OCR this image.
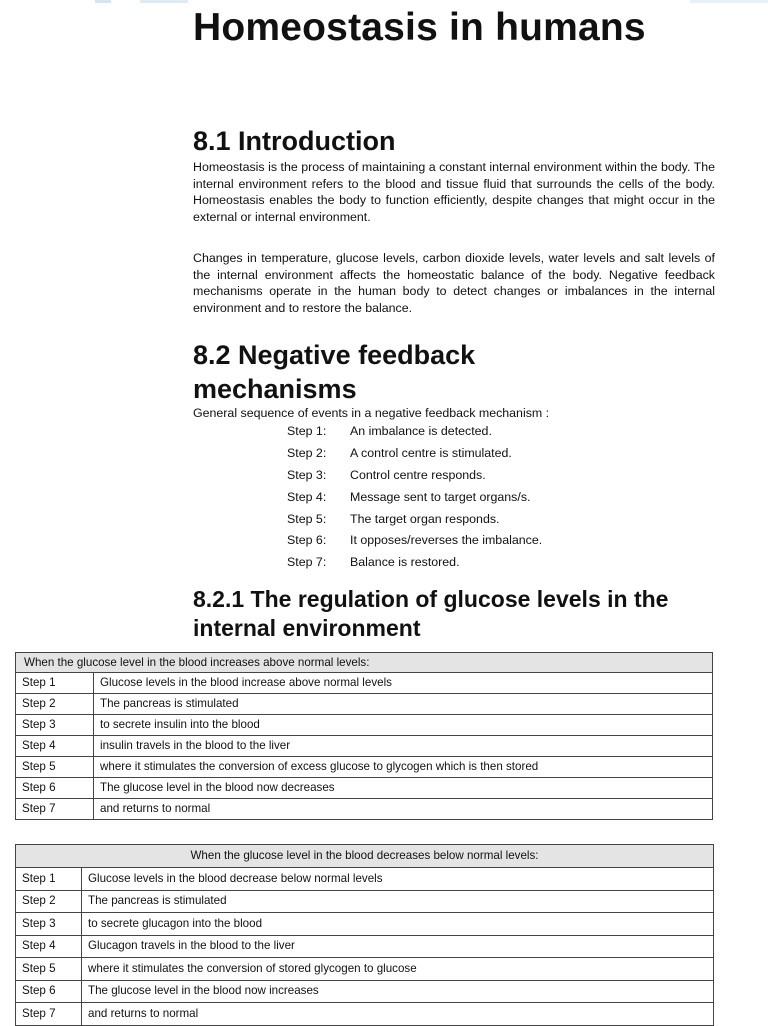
Homeostasis in humans
8.1 Introduction

Homeostasis is the process of maintaining a constant internal environment within the body. The internal environment refers to the blood and tissue fluid that surrounds the cells of the body. Homeostasis enables the body to function efficiently, despite changes that might occur in the external or internal environment.

Changes in temperature, glucose levels, carbon dioxide levels, water levels and salt levels of the internal environment affects the homeostatic balance of the body. Negative feedback mechanisms operate in the human body to detect changes or imbalances in the internal environment and to restore the balance.

8.2 Negative feedback mechanisms
General sequence of events in a negative feedback mechanism :
Step 1:	An imbalance is detected.
Step 2:	A control centre is stimulated.
Step 3:	Control centre responds.
Step 4:	Message sent to target organs/s.
Step 5:	The target organ responds.
Step 6:	It opposes/reverses the imbalance.
Step 7:	Balance is restored.
8.2.1 The regulation of glucose levels in the internal environment
When the glucose level in the blood increases above normal levels:	
Step 1	Glucose levels in the blood increase above normal levels
Step 2	The pancreas is stimulated
Step 3	to secrete insulin into the blood
Step 4	insulin travels in the blood to the liver
Step 5	where it stimulates the conversion of excess glucose to glycogen which is then stored
Step 6	The glucose level in the blood now decreases
Step 7	and returns to normal
When the glucose level in the blood decreases below normal levels:	
Step 1	Glucose levels in the blood decrease below normal levels
Step 2	The pancreas is stimulated
Step 3	to secrete glucagon into the blood
Step 4	Glucagon travels in the blood to the liver
Step 5	where it stimulates the conversion of stored glycogen to glucose
Step 6	The glucose level in the blood now increases
Step 7	and returns to normal
